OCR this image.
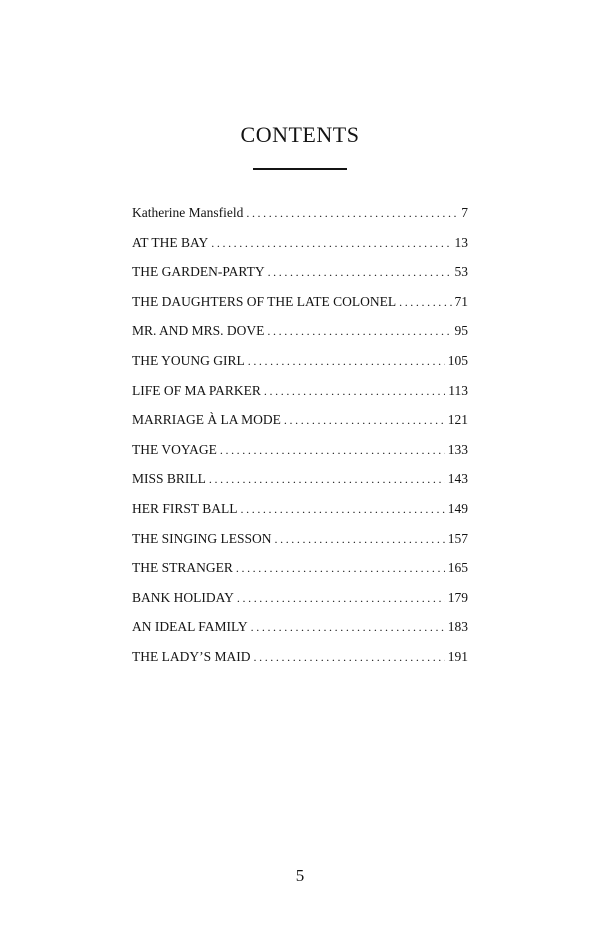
CONTENTS
Katherine Mansfield .....	7
AT THE BAY .....	13
THE GARDEN-PARTY .....	53
THE DAUGHTERS OF THE LATE COLONEL .....	71
MR. AND MRS. DOVE .....	95
THE YOUNG GIRL .....	105
LIFE OF MA PARKER .....	113
MARRIAGE À LA MODE .....	121
THE VOYAGE .....	133
MISS BRILL .....	143
HER FIRST BALL .....	149
THE SINGING LESSON .....	157
THE STRANGER .....	165
BANK HOLIDAY .....	179
AN IDEAL FAMILY .....	183
THE LADY’S MAID .....	191
5
